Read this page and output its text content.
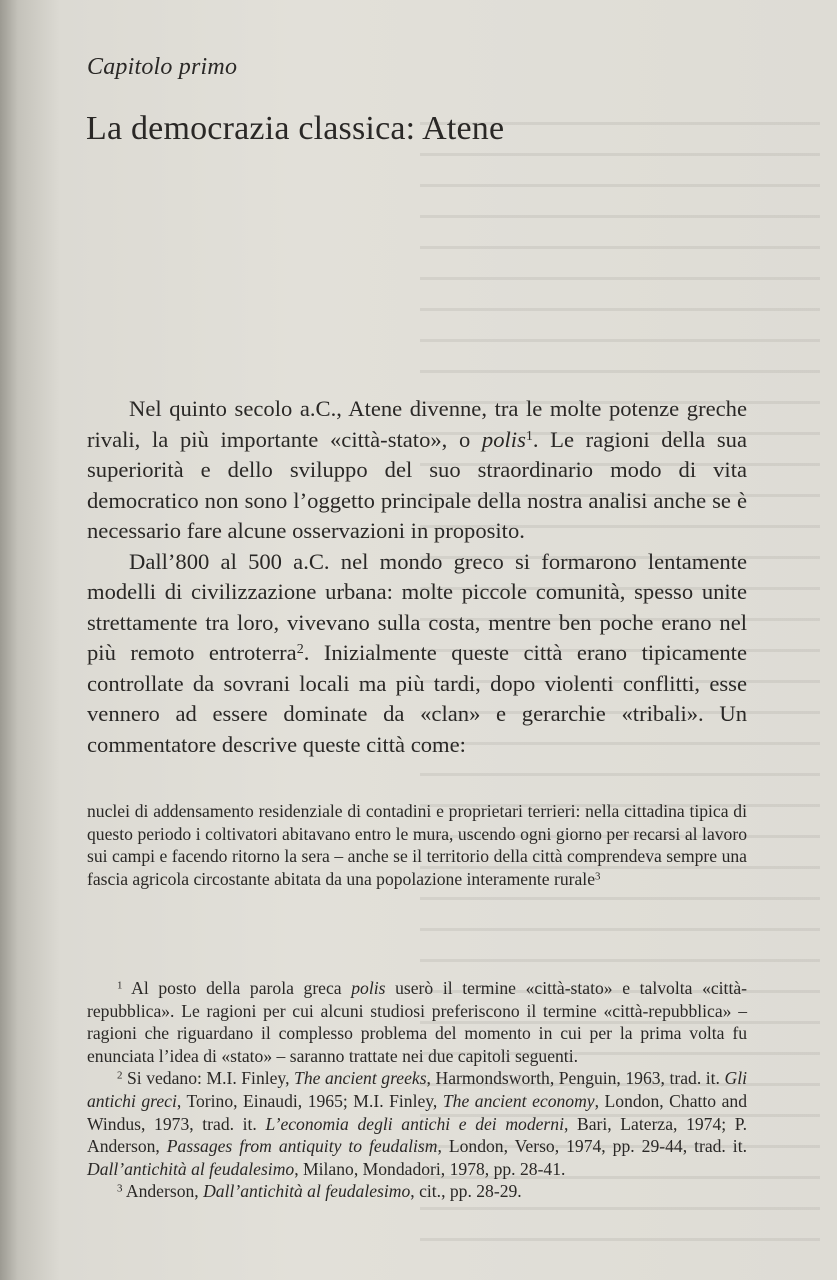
Capitolo primo
La democrazia classica: Atene

Nel quinto secolo a.C., Atene divenne, tra le molte potenze greche rivali, la più importante «città-stato», o polis$^1$. Le ragioni della sua superiorità e dello sviluppo del suo straordinario modo di vita democratico non sono l’oggetto principale della nostra analisi anche se è necessario fare alcune osservazioni in proposito.

Dall’800 al 500 a.C. nel mondo greco si formarono lentamente modelli di civilizzazione urbana: molte piccole comunità, spesso unite strettamente tra loro, vivevano sulla costa, mentre ben poche erano nel più remoto entroterra$^2$. Inizialmente queste città erano tipicamente controllate da sovrani locali ma più tardi, dopo violenti conflitti, esse vennero ad essere dominate da «clan» e gerarchie «tribali». Un commentatore descrive queste città come:

nuclei di addensamento residenziale di contadini e proprietari terrieri: nella cittadina tipica di questo periodo i coltivatori abitavano entro le mura, uscendo ogni giorno per recarsi al lavoro sui campi e facendo ritorno la sera – anche se il territorio della città comprendeva sempre una fascia agricola circostante abitata da una popolazione interamente rurale$^3$

$^1$ Al posto della parola greca polis userò il termine «città-stato» e talvolta «città-repubblica». Le ragioni per cui alcuni studiosi preferiscono il termine «città-repubblica» – ragioni che riguardano il complesso problema del momento in cui per la prima volta fu enunciata l’idea di «stato» – saranno trattate nei due capitoli seguenti.

$^2$ Si vedano: M.I. Finley, The ancient greeks, Harmondsworth, Penguin, 1963, trad. it. Gli antichi greci, Torino, Einaudi, 1965; M.I. Finley, The ancient economy, London, Chatto and Windus, 1973, trad. it. L’economia degli antichi e dei moderni, Bari, Laterza, 1974; P. Anderson, Passages from antiquity to feudalism, London, Verso, 1974, pp. 29-44, trad. it. Dall’antichità al feudalesimo, Milano, Mondadori, 1978, pp. 28-41.

$^3$ Anderson, Dall’antichità al feudalesimo, cit., pp. 28-29.
